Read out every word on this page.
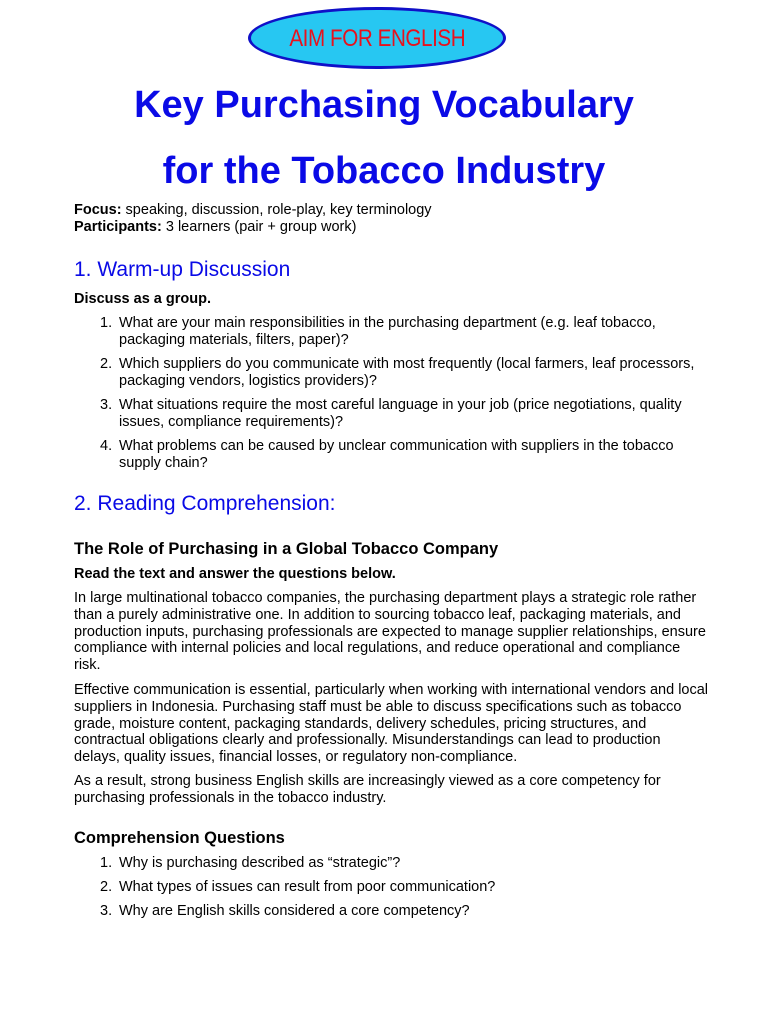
AIM FOR ENGLISH
Key Purchasing Vocabulary
for the Tobacco Industry
Focus: speaking, discussion, role-play, key terminology
Participants: 3 learners (pair + group work)
1. Warm-up Discussion
Discuss as a group.
1. What are your main responsibilities in the purchasing department (e.g. leaf tobacco, packaging materials, filters, paper)?
2. Which suppliers do you communicate with most frequently (local farmers, leaf processors, packaging vendors, logistics providers)?
3. What situations require the most careful language in your job (price negotiations, quality issues, compliance requirements)?
4. What problems can be caused by unclear communication with suppliers in the tobacco supply chain?
2. Reading Comprehension:
The Role of Purchasing in a Global Tobacco Company
Read the text and answer the questions below.

In large multinational tobacco companies, the purchasing department plays a strategic role rather than a purely administrative one. In addition to sourcing tobacco leaf, packaging materials, and production inputs, purchasing professionals are expected to manage supplier relationships, ensure compliance with internal policies and local regulations, and reduce operational and compliance risk.

Effective communication is essential, particularly when working with international vendors and local suppliers in Indonesia. Purchasing staff must be able to discuss specifications such as tobacco grade, moisture content, packaging standards, delivery schedules, pricing structures, and contractual obligations clearly and professionally. Misunderstandings can lead to production delays, quality issues, financial losses, or regulatory non-compliance.

As a result, strong business English skills are increasingly viewed as a core competency for purchasing professionals in the tobacco industry.

Comprehension Questions
1. Why is purchasing described as “strategic”?
2. What types of issues can result from poor communication?
3. Why are English skills considered a core competency?
